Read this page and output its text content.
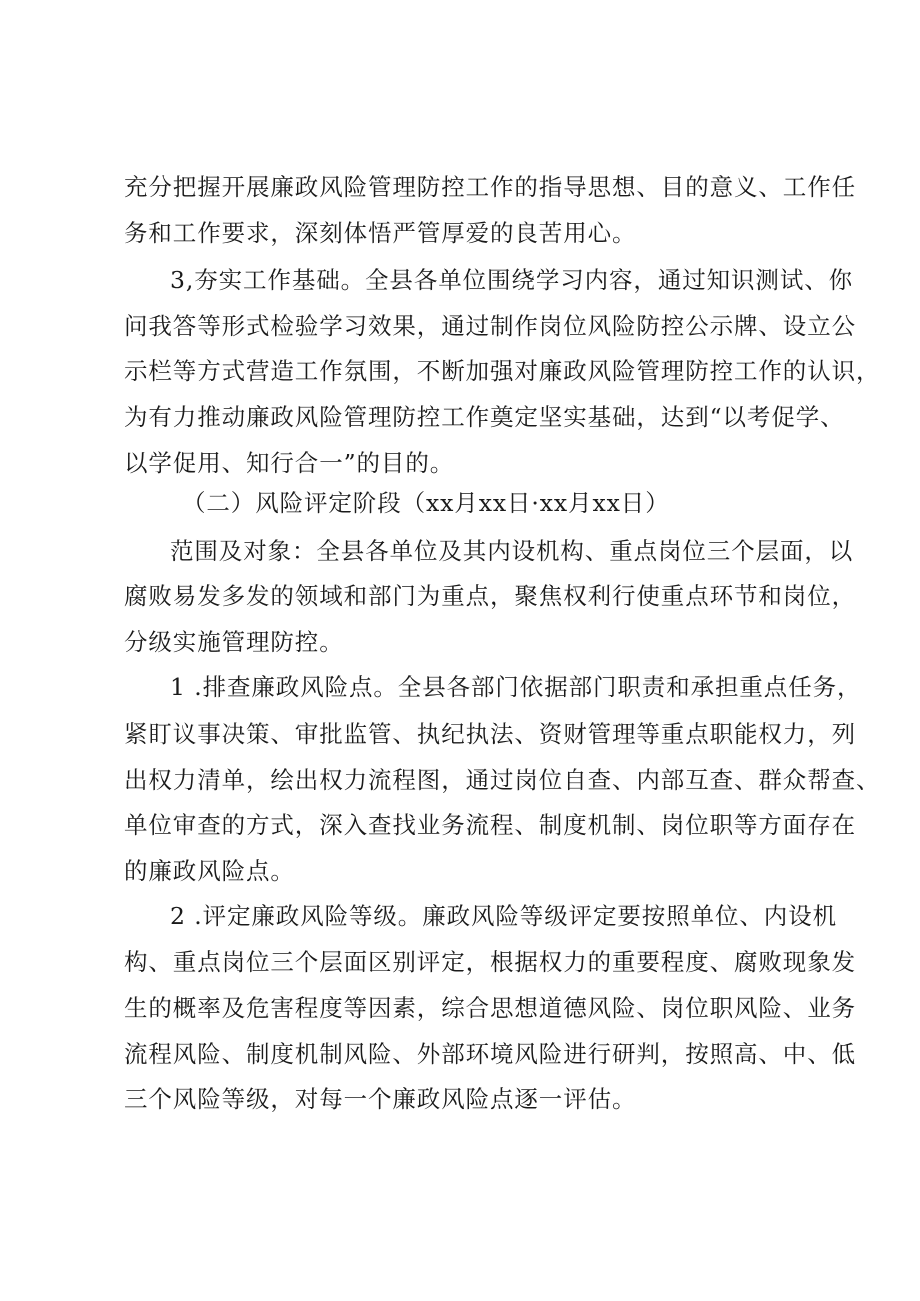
充分把握开展廉政风险管理防控工作的指导思想、目的意义、工作任
务和工作要求，深刻体悟严管厚爱的良苦用心。
3,夯实工作基础。全县各单位围绕学习内容，通过知识测试、你
问我答等形式检验学习效果，通过制作岗位风险防控公示牌、设立公
示栏等方式营造工作氛围，不断加强对廉政风险管理防控工作的认识，
为有力推动廉政风险管理防控工作奠定坚实基础，达到“以考促学、
以学促用、知行合一”的目的。
（二）风险评定阶段（xx月xx日·xx月xx日）
范围及对象：全县各单位及其内设机构、重点岗位三个层面，以
腐败易发多发的领域和部门为重点，聚焦权利行使重点环节和岗位，
分级实施管理防控。
1 .排查廉政风险点。全县各部门依据部门职责和承担重点任务，
紧盯议事决策、审批监管、执纪执法、资财管理等重点职能权力，列
出权力清单，绘出权力流程图，通过岗位自查、内部互查、群众帮查、
单位审查的方式，深入查找业务流程、制度机制、岗位职等方面存在
的廉政风险点。
2 .评定廉政风险等级。廉政风险等级评定要按照单位、内设机
构、重点岗位三个层面区别评定，根据权力的重要程度、腐败现象发
生的概率及危害程度等因素，综合思想道德风险、岗位职风险、业务
流程风险、制度机制风险、外部环境风险进行研判，按照高、中、低
三个风险等级，对每一个廉政风险点逐一评估。
